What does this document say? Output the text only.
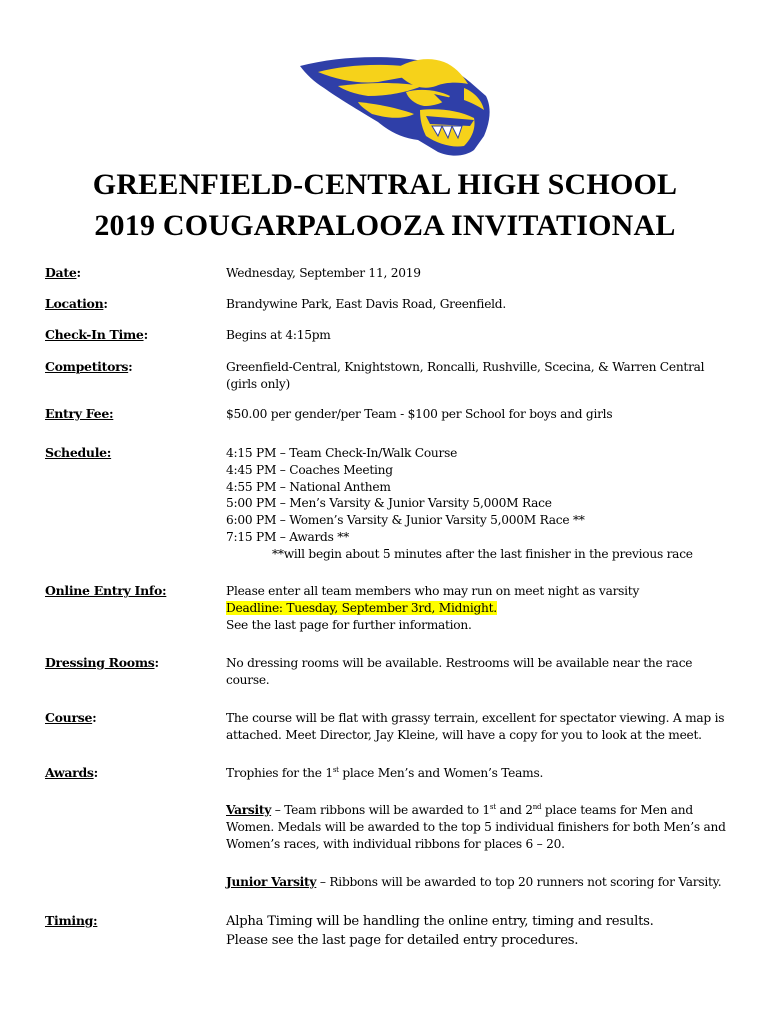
GREENFIELD-CENTRAL HIGH SCHOOL
2019 COUGARPALOOZA INVITATIONAL
Date:	Wednesday, September 11, 2019
Location:	Brandywine Park, East Davis Road, Greenfield.
Check-In Time:	Begins at 4:15pm
Competitors:	Greenfield-Central, Knightstown, Roncalli, Rushville, Scecina, & Warren Central
(girls only)
Entry Fee:	$50.00 per gender/per Team - $100 per School for boys and girls
Schedule:	4:15 PM – Team Check-In/Walk Course
4:45 PM – Coaches Meeting
4:55 PM – National Anthem
5:00 PM – Men’s Varsity & Junior Varsity 5,000M Race
6:00 PM – Women’s Varsity & Junior Varsity 5,000M Race **
7:15 PM – Awards **
**will begin about 5 minutes after the last finisher in the previous race
Online Entry Info:	Please enter all team members who may run on meet night as varsity
Deadline: Tuesday, September 3rd, Midnight.
See the last page for further information.
Dressing Rooms:	No dressing rooms will be available. Restrooms will be available near the race
course.
Course:	The course will be flat with grassy terrain, excellent for spectator viewing. A map is
attached. Meet Director, Jay Kleine, will have a copy for you to look at the meet.
Awards:	Trophies for the 1st place Men’s and Women’s Teams.
Varsity – Team ribbons will be awarded to 1st and 2nd place teams for Men and
Women. Medals will be awarded to the top 5 individual finishers for both Men’s and
Women’s races, with individual ribbons for places 6 – 20.
Junior Varsity – Ribbons will be awarded to top 20 runners not scoring for Varsity.
Timing:	Alpha Timing will be handling the online entry, timing and results.
Please see the last page for detailed entry procedures.
